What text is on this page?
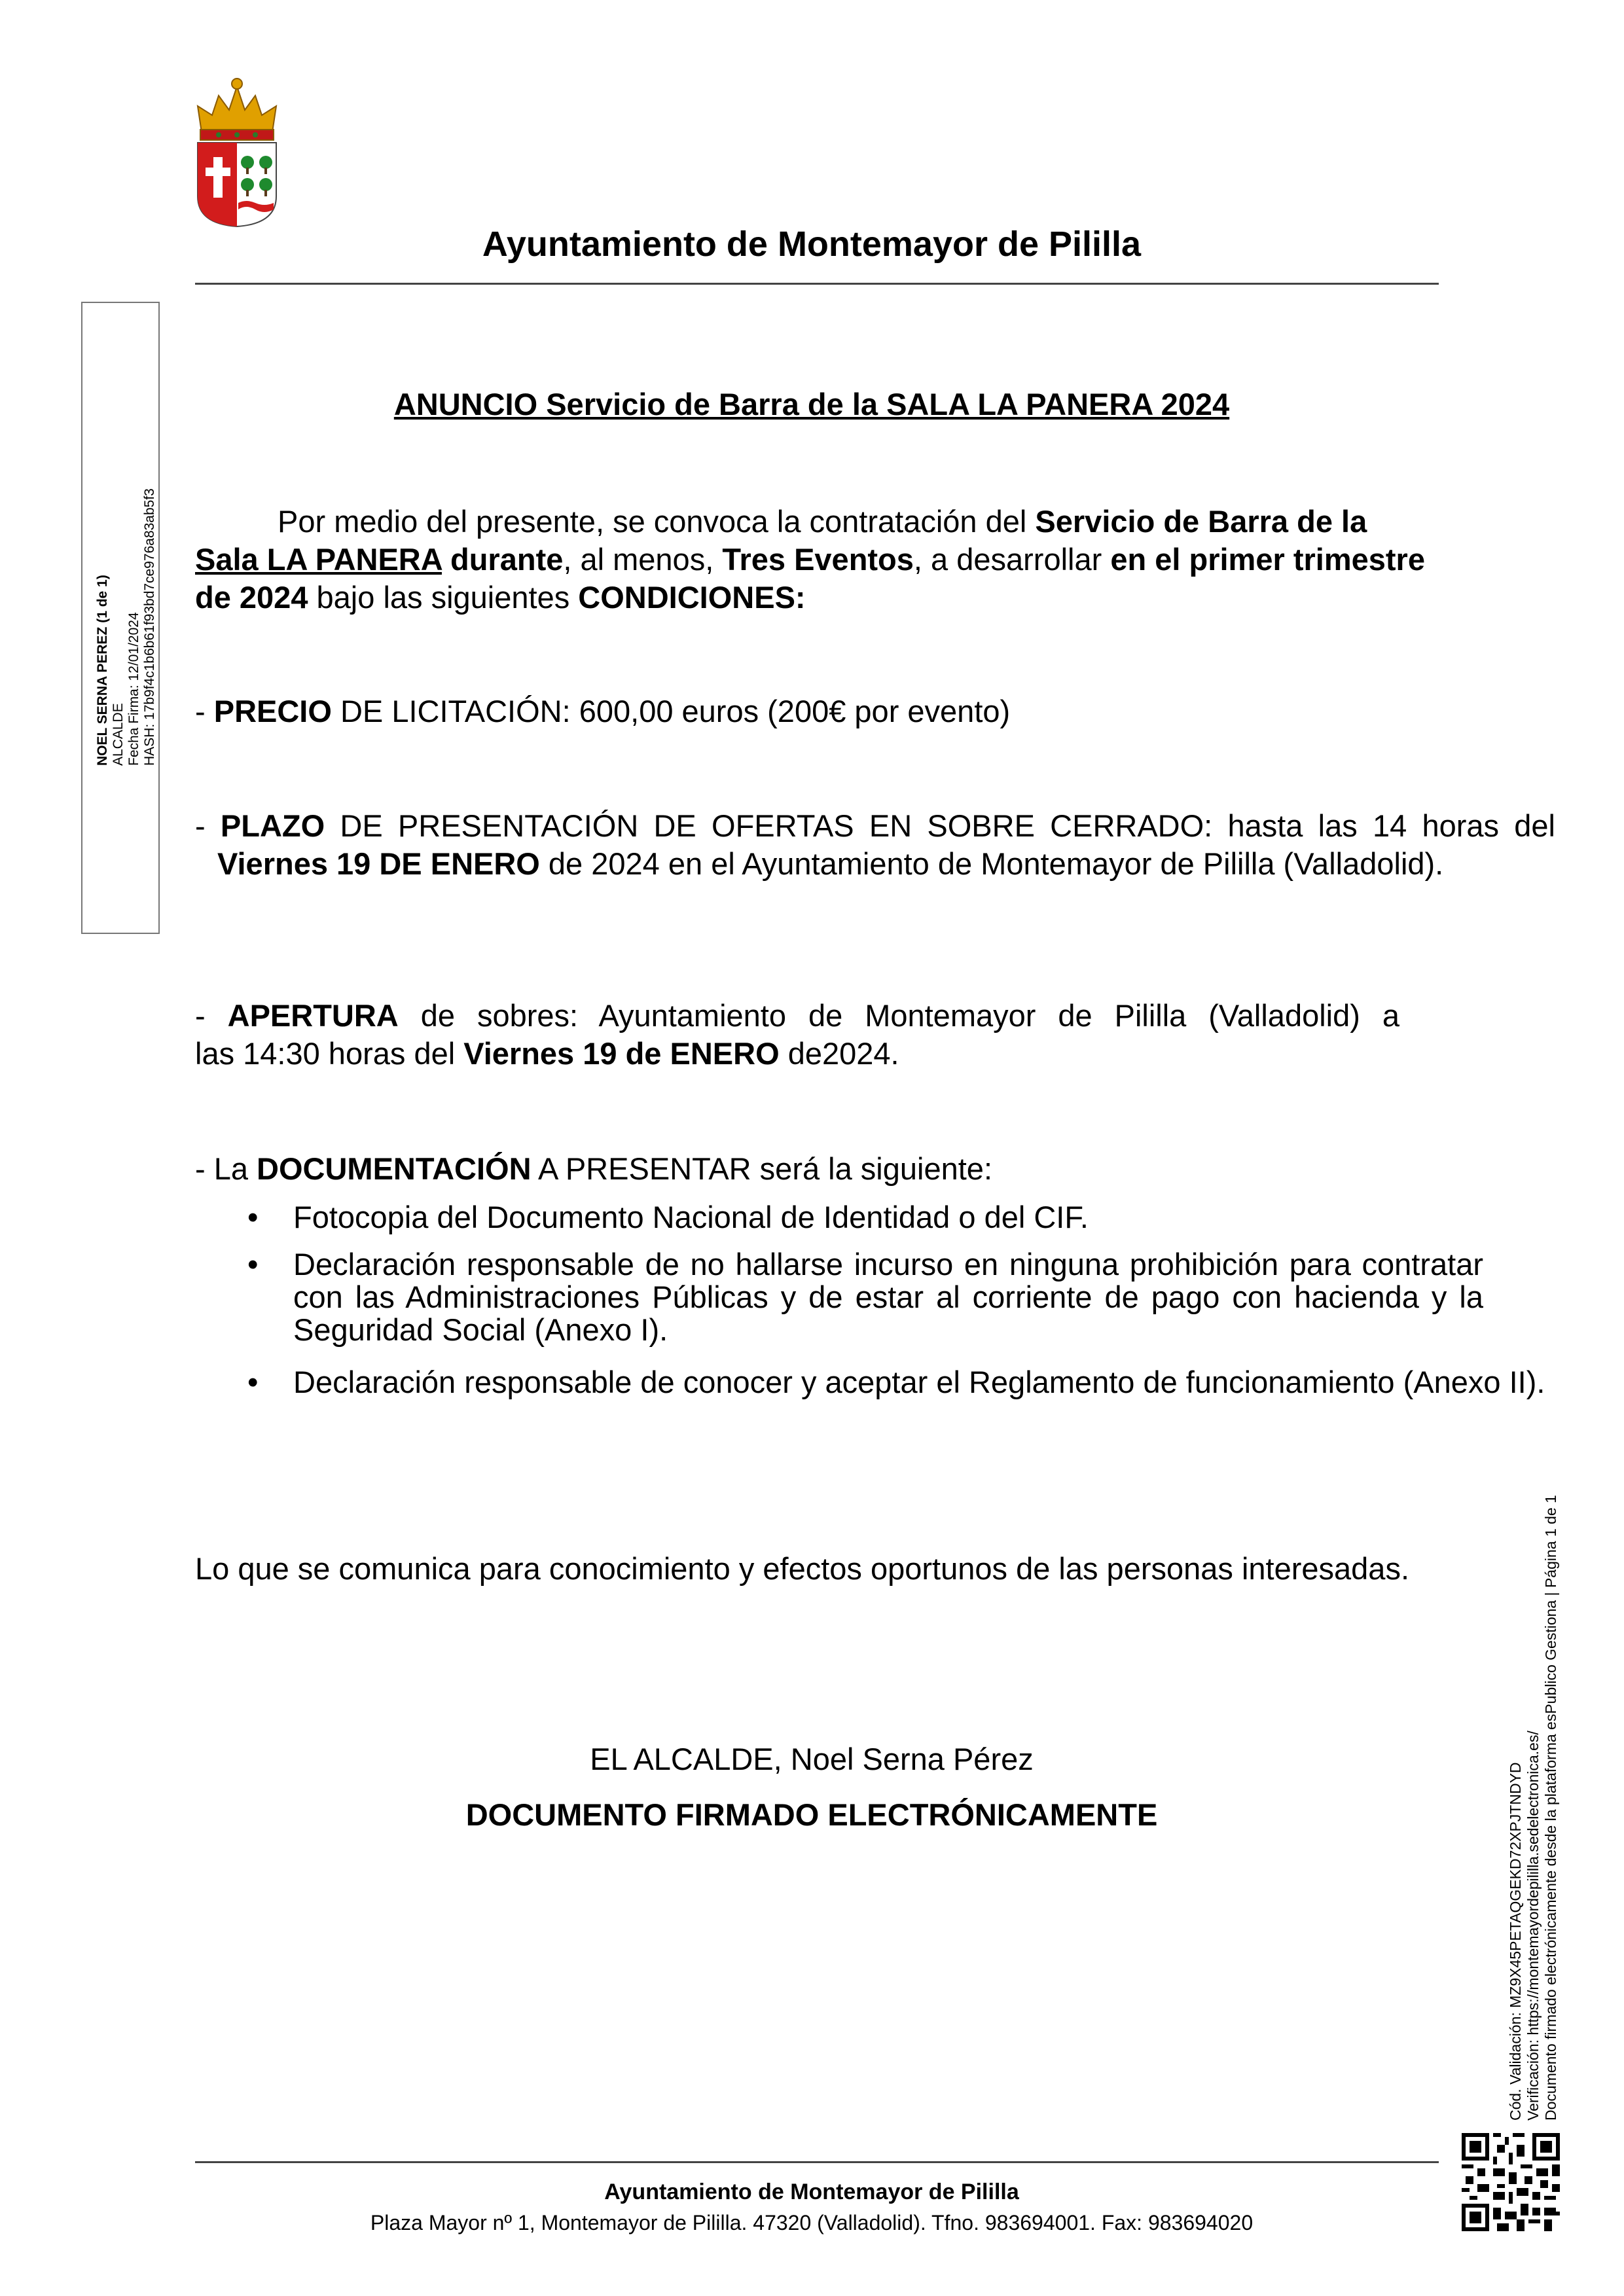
Ayuntamiento de Montemayor de Pililla
NOEL SERNA PEREZ (1 de 1) ALCALDE Fecha Firma: 12/01/2024 HASH: 17b9f4c1b6b61f93bd7ce976a83ab5f3
Cód. Validación: MZ9X45PETAQGEKD72XPJTNDYD Verificación: https://montemayordepililla.sedelectronica.es/ Documento firmado electrónicamente desde la plataforma esPublico Gestiona | Página 1 de 1
ANUNCIO Servicio de Barra de la SALA LA PANERA 2024
Por medio del presente, se convoca la contratación del Servicio de Barra de la
Sala LA PANERA durante, al menos, Tres Eventos, a desarrollar en el primer trimestre de 2024 bajo las siguientes CONDICIONES:
- PRECIO DE LICITACIÓN: 600,00 euros (200€ por evento)
- PLAZO DE PRESENTACIÓN DE OFERTAS EN SOBRE CERRADO: hasta las 14 horas del Viernes 19 DE ENERO de 2024 en el Ayuntamiento de Montemayor de Pililla (Valladolid).
- APERTURA de sobres: Ayuntamiento de Montemayor de Pililla (Valladolid) a
las 14:30 horas del Viernes 19 de ENERO de2024.
- La DOCUMENTACIÓN A PRESENTAR será la siguiente:
•	Fotocopia del Documento Nacional de Identidad o del CIF.
•	Declaración responsable de no hallarse incurso en ninguna prohibición para contratar con las Administraciones Públicas y de estar al corriente de pago con hacienda y la Seguridad Social (Anexo I).
•	Declaración responsable de conocer y aceptar el Reglamento de funcionamiento (Anexo II).
Lo que se comunica para conocimiento y efectos oportunos de las personas interesadas.
EL ALCALDE, Noel Serna Pérez
DOCUMENTO FIRMADO ELECTRÓNICAMENTE
Ayuntamiento de Montemayor de Pililla
Plaza Mayor nº 1, Montemayor de Pililla. 47320 (Valladolid). Tfno. 983694001. Fax: 983694020
